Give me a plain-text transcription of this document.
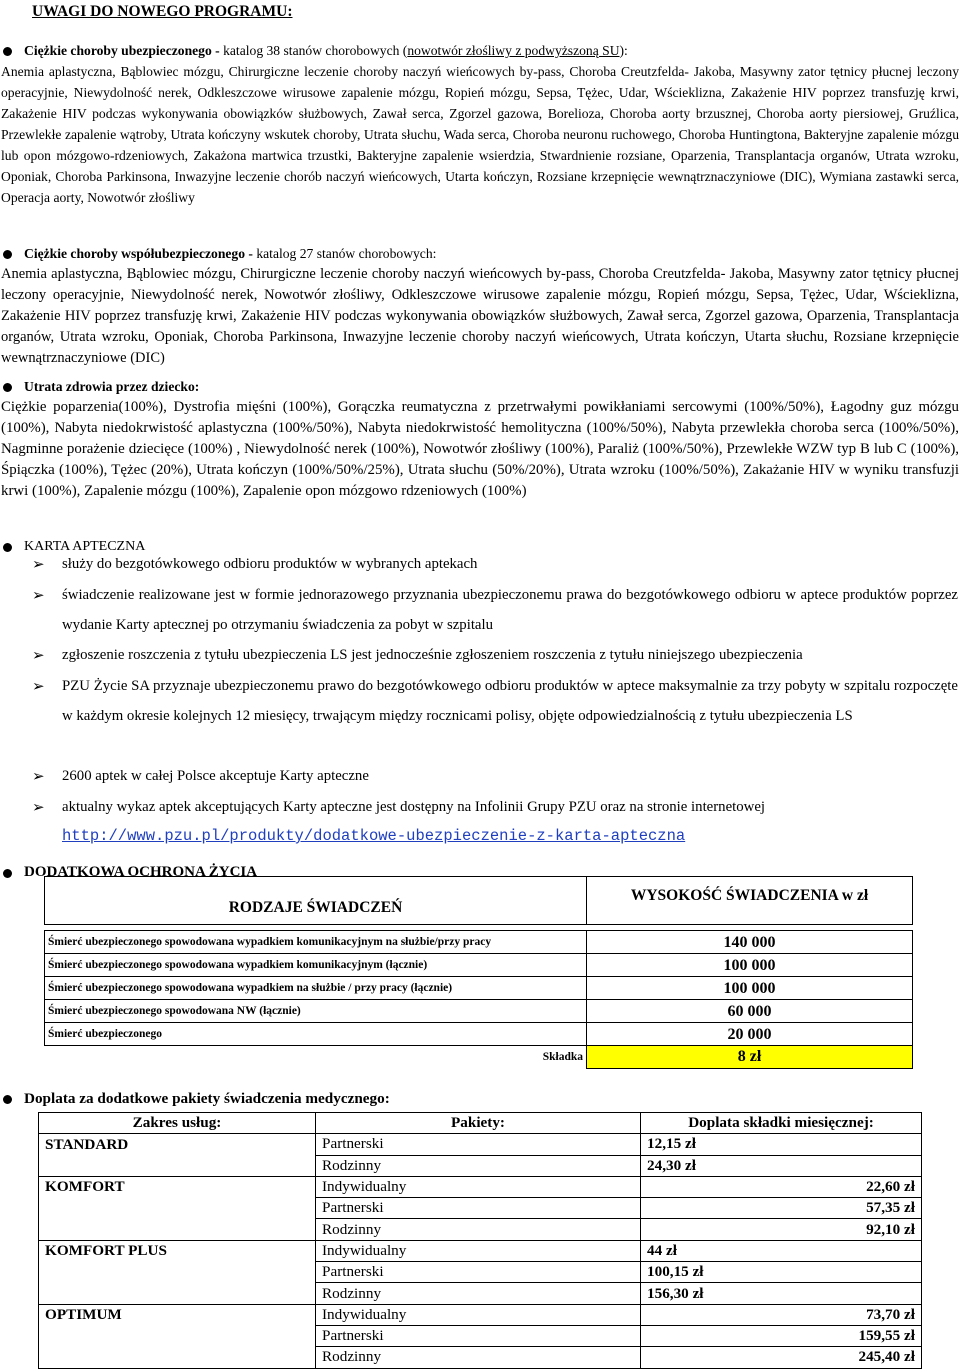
UWAGI DO NOWEGO PROGRAMU:
Ciężkie choroby ubezpieczonego - katalog 38 stanów chorobowych (nowotwór złośliwy z podwyższoną SU):

Anemia aplastyczna, Bąblowiec mózgu, Chirurgiczne leczenie choroby naczyń wieńcowych by-pass, Choroba Creutzfelda- Jakoba, Masywny zator tętnicy płucnej leczony operacyjnie, Niewydolność nerek, Odkleszczowe wirusowe zapalenie mózgu, Ropień mózgu, Sepsa, Tężec, Udar, Wścieklizna, Zakażenie HIV poprzez transfuzję krwi, Zakażenie HIV podczas wykonywania obowiązków służbowych, Zawał serca, Zgorzel gazowa, Borelioza, Choroba aorty brzusznej, Choroba aorty piersiowej, Gruźlica, Przewlekłe zapalenie wątroby, Utrata kończyny wskutek choroby, Utrata słuchu, Wada serca, Choroba neuronu ruchowego, Choroba Huntingtona, Bakteryjne zapalenie mózgu lub opon mózgowo-rdzeniowych, Zakażona martwica trzustki, Bakteryjne zapalenie wsierdzia, Stwardnienie rozsiane, Oparzenia, Transplantacja organów, Utrata wzroku, Oponiak, Choroba Parkinsona, Inwazyjne leczenie chorób naczyń wieńcowych, Utarta kończyn, Rozsiane krzepnięcie wewnątrznaczyniowe (DIC), Wymiana zastawki serca, Operacja aorty, Nowotwór złośliwy

Ciężkie choroby współubezpieczonego - katalog 27 stanów chorobowych:

Anemia aplastyczna, Bąblowiec mózgu, Chirurgiczne leczenie choroby naczyń wieńcowych by-pass, Choroba Creutzfelda- Jakoba, Masywny zator tętnicy płucnej leczony operacyjnie, Niewydolność nerek, Nowotwór złośliwy, Odkleszczowe wirusowe zapalenie mózgu, Ropień mózgu, Sepsa, Tężec, Udar, Wścieklizna, Zakażenie HIV poprzez transfuzję krwi, Zakażenie HIV podczas wykonywania obowiązków służbowych, Zawał serca, Zgorzel gazowa, Oparzenia, Transplantacja organów, Utrata wzroku, Oponiak, Choroba Parkinsona, Inwazyjne leczenie choroby naczyń wieńcowych, Utrata kończyn, Utarta słuchu, Rozsiane krzepnięcie wewnątrznaczyniowe (DIC)

Utrata zdrowia przez dziecko:

Ciężkie poparzenia(100%), Dystrofia mięśni (100%), Gorączka reumatyczna z przetrwałymi powikłaniami sercowymi (100%/50%), Łagodny guz mózgu (100%), Nabyta niedokrwistość aplastyczna (100%/50%), Nabyta niedokrwistość hemolityczna (100%/50%), Nabyta przewlekła choroba serca (100%/50%), Nagminne porażenie dziecięce (100%) , Niewydolność nerek (100%), Nowotwór złośliwy (100%), Paraliż (100%/50%), Przewlekłe WZW typ B lub C (100%), Śpiączka (100%), Tężec (20%), Utrata kończyn (100%/50%/25%), Utrata słuchu (50%/20%), Utrata wzroku (100%/50%), Zakażanie HIV w wyniku transfuzji krwi (100%), Zapalenie mózgu (100%), Zapalenie opon mózgowo rdzeniowych (100%)

KARTA APTECZNA
➢ służy do bezgotówkowego odbioru produktów w wybranych aptekach

➢ świadczenie realizowane jest w formie jednorazowego przyznania ubezpieczonemu prawa do bezgotówkowego odbioru w aptece produktów poprzez wydanie Karty aptecznej po otrzymaniu świadczenia za pobyt w szpitalu

➢ zgłoszenie roszczenia z tytułu ubezpieczenia LS jest jednocześnie zgłoszeniem roszczenia z tytułu niniejszego ubezpieczenia

➢ PZU Życie SA przyznaje ubezpieczonemu prawo do bezgotówkowego odbioru produktów w aptece maksymalnie za trzy pobyty w szpitalu rozpoczęte w każdym okresie kolejnych 12 miesięcy, trwającym między rocznicami polisy, objęte odpowiedzialnością z tytułu ubezpieczenia LS

➢ 2600 aptek w całej Polsce akceptuje Karty apteczne

➢ aktualny wykaz aptek akceptujących Karty apteczne jest dostępny na Infolinii Grupy PZU oraz na stronie internetowej

http://www.pzu.pl/produkty/dodatkowe-ubezpieczenie-z-karta-apteczna
DODATKOWA OCHRONA ŻYCIA
RODZAJE ŚWIADCZEŃ	WYSOKOŚĆ ŚWIADCZENIA w zł

Śmierć ubezpieczonego spowodowana wypadkiem komunikacyjnym na służbie/przy pracy	140 000
Śmierć ubezpieczonego spowodowana wypadkiem komunikacyjnym (łącznie)	100 000
Śmierć ubezpieczonego spowodowana wypadkiem na służbie / przy pracy (łącznie)	100 000
Śmierć ubezpieczonego spowodowana NW (łącznie)	60 000
Śmierć ubezpieczonego	20 000
Składka	8 zł
Doplata za dodatkowe pakiety świadczenia medycznego:
Zakres usług:	Pakiety:	Doplata składki miesięcznej:
STANDARD	Partnerski	12,15 zł
	Rodzinny	24,30 zł
KOMFORT	Indywidualny	22,60 zł
	Partnerski	57,35 zł
	Rodzinny	92,10 zł
KOMFORT PLUS	Indywidualny	44 zł
	Partnerski	100,15 zł
	Rodzinny	156,30 zł
OPTIMUM	Indywidualny	73,70 zł
	Partnerski	159,55 zł
	Rodzinny	245,40 zł
